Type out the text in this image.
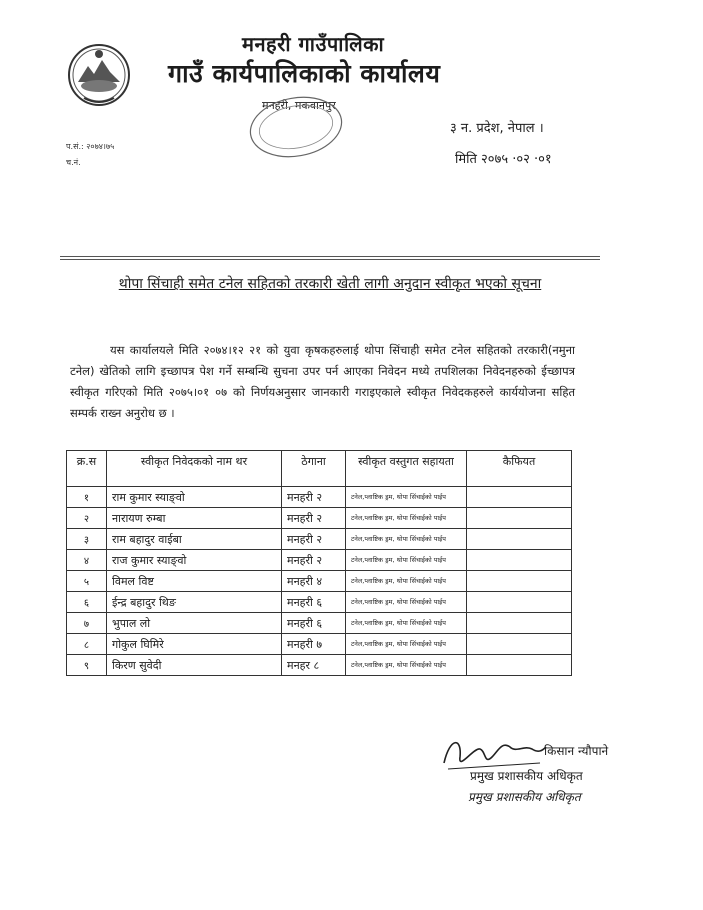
मनहरी गाउँपालिका
गाउँ कार्यपालिकाको कार्यालय
मनहरी, मकवानपुर
३ न. प्रदेश, नेपाल ।
प.सं.: २०७४।७५
च.नं.	मिति २०७५ ·०२ ·०१
थोपा सिंचाही समेत टनेल सहितको तरकारी खेती लागी अनुदान स्वीकृत भएको सूचना
यस कार्यालयले मिति २०७४।१२ २१ को युवा कृषकहरुलाई थोपा सिंचाही समेत टनेल सहितको तरकारी(नमुना टनेल) खेतिको लागि इच्छापत्र पेश गर्ने सम्बन्धि सुचना उपर पर्न आएका निवेदन मध्ये तपशिलका निवेदनहरुको ईच्छापत्र स्वीकृत गरिएको मिति २०७५।०१ ०७ को निर्णयअनुसार जानकारी गराइएकाले स्वीकृत निवेदकहरुले कार्ययोजना सहित सम्पर्क राख्न अनुरोध छ ।
क्र.स	स्वीकृत निवेदकको नाम थर	ठेगाना	स्वीकृत वस्तुगत सहायता	कैफियत
१	राम कुमार स्याङ्वो	मनहरी २	टनेल,प्लाष्टिक ड्रम, थोपा सिंचाईको पाईप	
२	नारायण रुम्बा	मनहरी २	टनेल,प्लाष्टिक ड्रम, थोपा सिंचाईको पाईप	
३	राम बहादुर वाईबा	मनहरी २	टनेल,प्लाष्टिक ड्रम, थोपा सिंचाईको पाईप	
४	राज कुमार स्याङ्वो	मनहरी २	टनेल,प्लाष्टिक ड्रम, थोपा सिंचाईको पाईप	
५	विमल विष्ट	मनहरी ४	टनेल,प्लाष्टिक ड्रम, थोपा सिंचाईको पाईप	
६	ईन्द्र बहादुर थिङ	मनहरी ६	टनेल,प्लाष्टिक ड्रम, थोपा सिंचाईको पाईप	
७	भुपाल लो	मनहरी ६	टनेल,प्लाष्टिक ड्रम, थोपा सिंचाईको पाईप	
८	गोकुल घिमिरे	मनहरी ७	टनेल,प्लाष्टिक ड्रम, थोपा सिंचाईको पाईप	
९	किरण सुवेदी	मनहर ८	टनेल,प्लाष्टिक ड्रम, थोपा सिंचाईको पाईप	
किसान न्यौपाने
प्रमुख प्रशासकीय अधिकृत
प्रमुख प्रशासकीय अधिकृत
